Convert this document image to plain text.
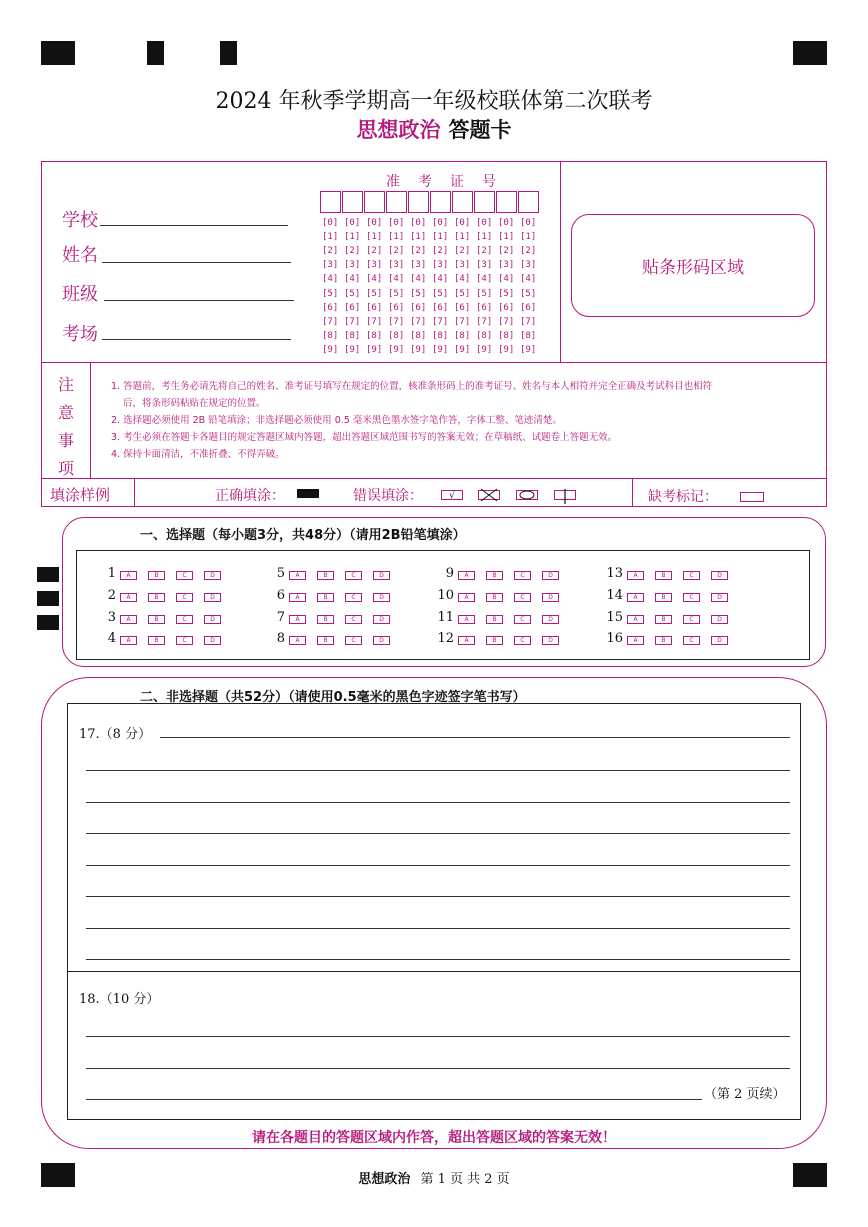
2024 年秋季学期高一年级校联体第二次联考
思想政治 答题卡
学校
姓名
班级
考场
准考证号
[0] [0] [0] [0] [0] [0] [0] [0] [0] [0]
[1] [1] [1] [1] [1] [1] [1] [1] [1] [1]
[2] [2] [2] [2] [2] [2] [2] [2] [2] [2]
[3] [3] [3] [3] [3] [3] [3] [3] [3] [3]
[4] [4] [4] [4] [4] [4] [4] [4] [4] [4]
[5] [5] [5] [5] [5] [5] [5] [5] [5] [5]
[6] [6] [6] [6] [6] [6] [6] [6] [6] [6]
[7] [7] [7] [7] [7] [7] [7] [7] [7] [7]
[8] [8] [8] [8] [8] [8] [8] [8] [8] [8]
[9] [9] [9] [9] [9] [9] [9] [9] [9] [9]
贴条形码区域
注
意
事
项
1. 答题前，考生务必请先将自己的姓名、准考证号填写在规定的位置，核准条形码上的准考证号、姓名与本人相符并完全正确及考试科目也相符
后，将条形码粘贴在规定的位置。
2. 选择题必须使用 2B 铅笔填涂；非选择题必须使用 0.5 毫米黑色墨水签字笔作答，字体工整、笔迹清楚。
3. 考生必须在答题卡各题目的规定答题区域内答题，超出答题区域范围书写的答案无效；在草稿纸、试题卷上答题无效。
4. 保持卡面清洁，不准折叠、不得弄破。
填涂样例	正确填涂：	错误填涂：	√	缺考标记：
一、选择题（每小题3分，共48分）（请用2B铅笔填涂）
1	A	B	C	D
2	A	B	C	D
3	A	B	C	D
4	A	B	C	D
5	A	B	C	D
6	A	B	C	D
7	A	B	C	D
8	A	B	C	D
9	A	B	C	D
10	A	B	C	D
11	A	B	C	D
12	A	B	C	D
13	A	B	C	D
14	A	B	C	D
15	A	B	C	D
16	A	B	C	D
二、非选择题（共52分）（请使用0.5毫米的黑色字迹签字笔书写）
17.（8 分）
18.（10 分）
（第 2 页续）
请在各题目的答题区域内作答，超出答题区域的答案无效！
思想政治 第 1 页 共 2 页
